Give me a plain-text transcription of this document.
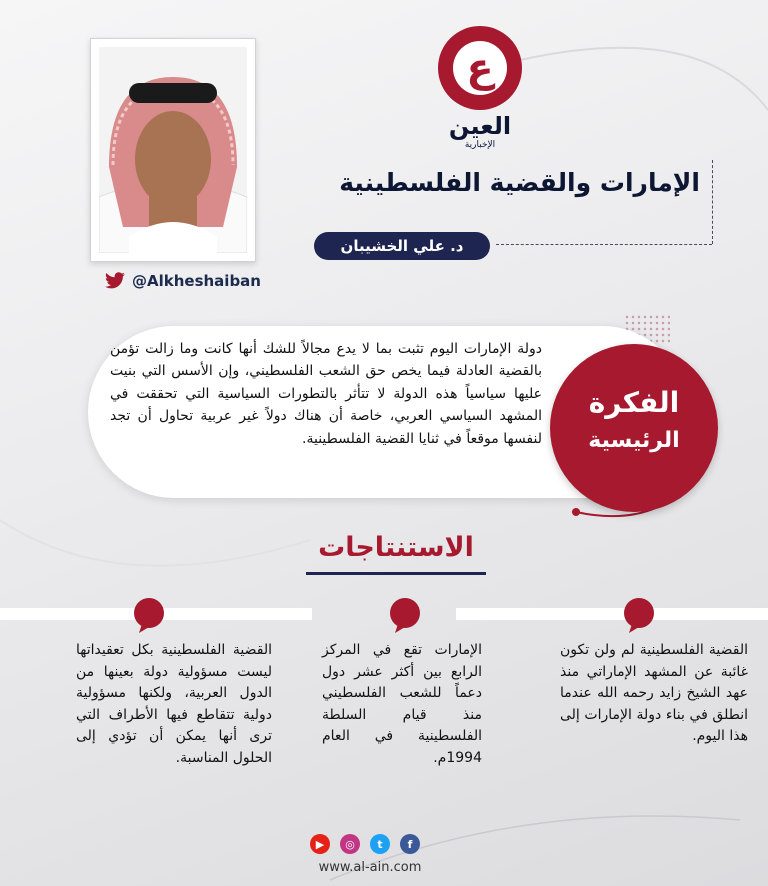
ع
العين
الإخبارية
@Alkheshaiban
الإمارات والقضية الفلسطينية
د. علي الخشيبان
دولة الإمارات اليوم تثبت بما لا يدع مجالاً للشك أنها كانت وما زالت تؤمن بالقضية العادلة فيما يخص حق الشعب الفلسطيني، وإن الأسس التي بنيت عليها سياسياً هذه الدولة لا تتأثر بالتطورات السياسية التي تحققت في المشهد السياسي العربي، خاصة أن هناك دولاً غير عربية تحاول أن تجد لنفسها موقعاً في ثنايا القضية الفلسطينية.
الفكرة
الرئيسية
الاستنتاجات
القضية الفلسطينية لم ولن تكون غائبة عن المشهد الإماراتي منذ عهد الشيخ زايد رحمه الله عندما انطلق في بناء دولة الإمارات إلى هذا اليوم.
الإمارات تقع في المركز الرابع بين أكثر عشر دول دعماً للشعب الفلسطيني منذ قيام السلطة الفلسطينية في العام 1994م.
القضية الفلسطينية بكل تعقيداتها ليست مسؤولية دولة بعينها من الدول العربية، ولكنها مسؤولية دولية تتقاطع فيها الأطراف التي ترى أنها يمكن أن تؤدي إلى الحلول المناسبة.
▶	◎	t	f
www.al-ain.com
